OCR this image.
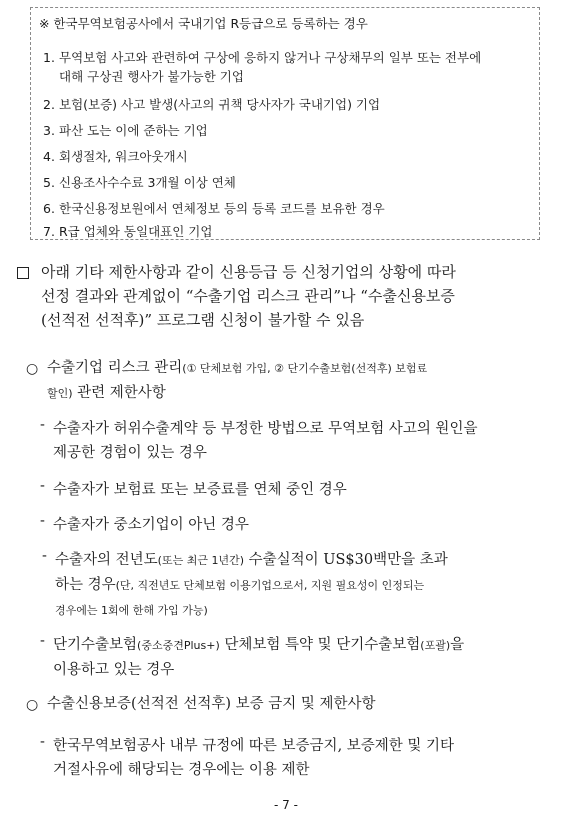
※ 한국무역보험공사에서 국내기업 R등급으로 등록하는 경우
1. 무역보험 사고와 관련하여 구상에 응하지 않거나 구상채무의 일부 또는 전부에
대해 구상권 행사가 불가능한 기업
2. 보험(보증) 사고 발생(사고의 귀책 당사자가 국내기업) 기업
3. 파산 도는 이에 준하는 기업
4. 회생절차, 워크아웃개시
5. 신용조사수수료 3개월 이상 연체
6. 한국신용정보원에서 연체정보 등의 등록 코드를 보유한 경우
7. R급 업체와 동일대표인 기업
아래 기타 제한사항과 같이 신용등급 등 신청기업의 상황에 따라
선정 결과와 관계없이 “수출기업 리스크 관리”나 “수출신용보증
(선적전 선적후)” 프로그램 신청이 불가할 수 있음
○ 수출기업 리스크 관리(① 단체보험 가입, ② 단기수출보험(선적후) 보험료
할인) 관련 제한사항
- 수출자가 허위수출계약 등 부정한 방법으로 무역보험 사고의 원인을
제공한 경험이 있는 경우
- 수출자가 보험료 또는 보증료를 연체 중인 경우
- 수출자가 중소기업이 아닌 경우
- 수출자의 전년도(또는 최근 1년간) 수출실적이 US$30백만을 초과
하는 경우(단, 직전년도 단체보험 이용기업으로서, 지원 필요성이 인정되는
경우에는 1회에 한해 가입 가능)
- 단기수출보험(중소중견Plus+) 단체보험 특약 및 단기수출보험(포괄)을
이용하고 있는 경우
○ 수출신용보증(선적전 선적후) 보증 금지 및 제한사항
- 한국무역보험공사 내부 규정에 따른 보증금지, 보증제한 및 기타
거절사유에 해당되는 경우에는 이용 제한
- 7 -
